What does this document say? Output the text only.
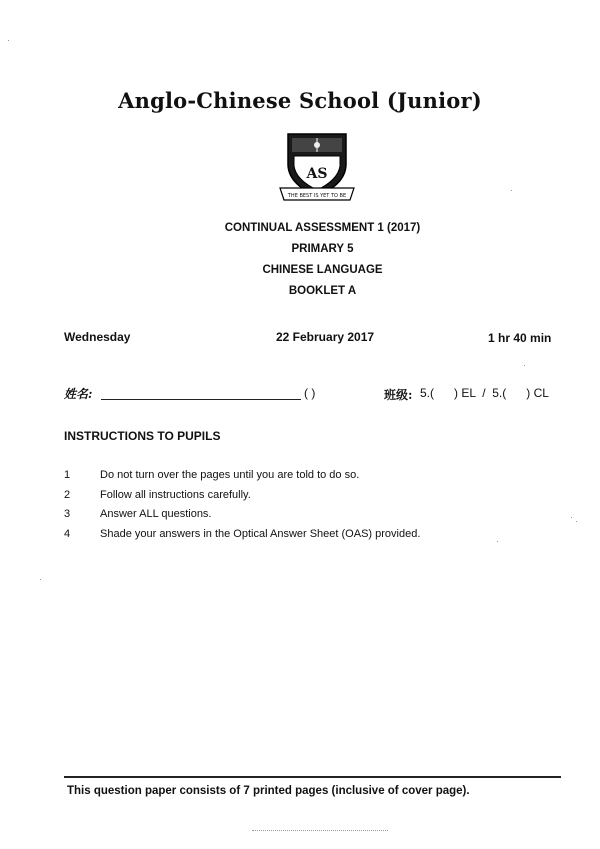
Anglo-Chinese School (Junior)
AS
THE BEST IS YET TO BE
CONTINUAL ASSESSMENT 1 (2017)
PRIMARY 5
CHINESE LANGUAGE
BOOKLET A
Wednesday	22 February 2017	1 hr 40 min
姓名:	( )	班级: 5.(      ) EL  /  5.(      ) CL
INSTRUCTIONS TO PUPILS
1	Do not turn over the pages until you are told to do so.
2	Follow all instructions carefully.
3	Answer ALL questions.
4	Shade your answers in the Optical Answer Sheet (OAS) provided.
This question paper consists of 7 printed pages (inclusive of cover page).
